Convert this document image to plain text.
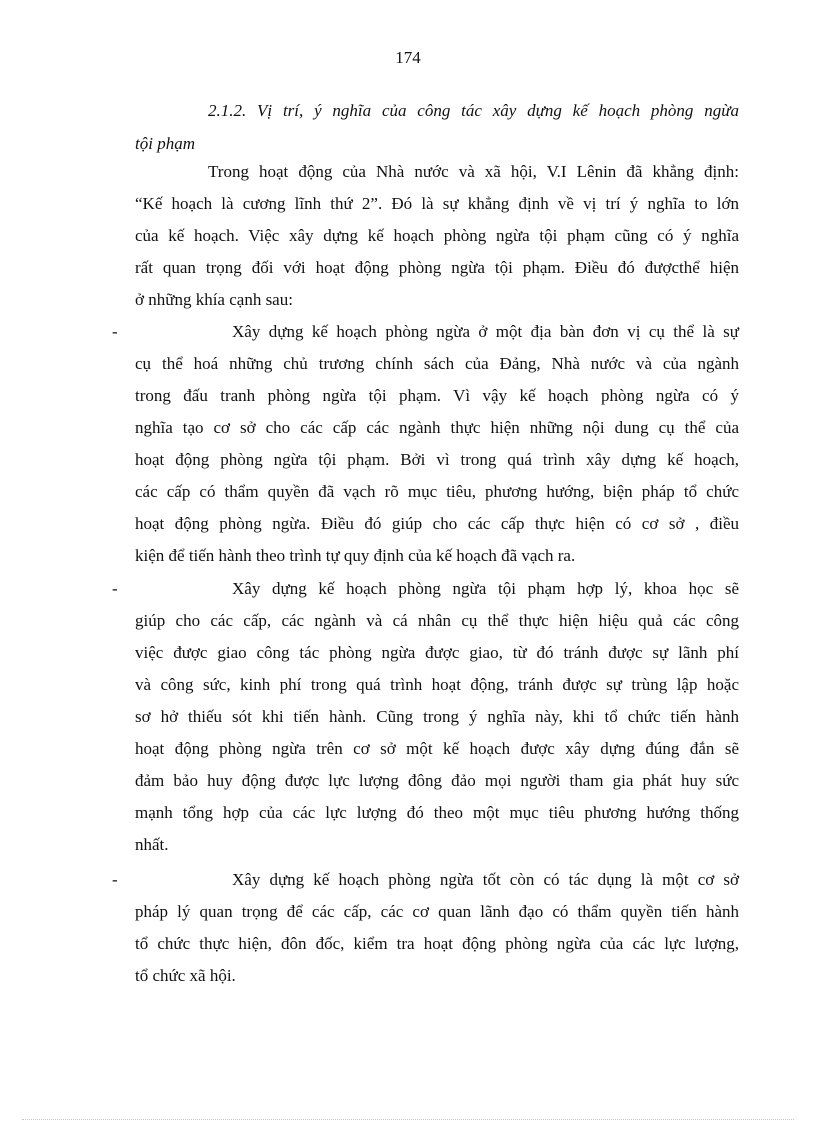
174
2.1.2. Vị trí, ý nghĩa của công tác xây dựng kế hoạch phòng ngừa
tội phạm
Trong hoạt động của Nhà nước và xã hội, V.I Lênin đã khẳng định:
“Kế hoạch là cương lĩnh thứ 2”. Đó là sự khẳng định về vị trí ý nghĩa to lớn
của kế hoạch. Việc xây dựng kế hoạch phòng ngừa tội phạm cũng có ý nghĩa
rất quan trọng đối với hoạt động phòng ngừa tội phạm. Điều đó đượcthể hiện
ở những khía cạnh sau:
-	Xây dựng kế hoạch phòng ngừa ở một địa bàn đơn vị cụ thể là sự
cụ thể hoá những chủ trương chính sách của Đảng, Nhà nước và của ngành
trong đấu tranh phòng ngừa tội phạm. Vì vậy kế hoạch phòng ngừa có ý
nghĩa tạo cơ sở cho các cấp các ngành thực hiện những nội dung cụ thể của
hoạt động phòng ngừa tội phạm. Bởi vì trong quá trình xây dựng kế hoạch,
các cấp có thẩm quyền đã vạch rõ mục tiêu, phương hướng, biện pháp tổ chức
hoạt động phòng ngừa. Điều đó giúp cho các cấp thực hiện có cơ sở , điều
kiện để tiến hành theo trình tự quy định của kế hoạch đã vạch ra.
-	Xây dựng kế hoạch phòng ngừa tội phạm hợp lý, khoa học sẽ
giúp cho các cấp, các ngành và cá nhân cụ thể thực hiện hiệu quả các công
việc được giao công tác phòng ngừa được giao, từ đó tránh được sự lãnh phí
và công sức, kinh phí trong quá trình hoạt động, tránh được sự trùng lập hoặc
sơ hở thiếu sót khi tiến hành. Cũng trong ý nghĩa này, khi tổ chức tiến hành
hoạt động phòng ngừa trên cơ sở một kế hoạch được xây dựng đúng đắn sẽ
đảm bảo huy động được lực lượng đông đảo mọi người tham gia phát huy sức
mạnh tổng hợp của các lực lượng đó theo một mục tiêu phương hướng thống
nhất.
-	Xây dựng kế hoạch phòng ngừa tốt còn có tác dụng là một cơ sở
pháp lý quan trọng để các cấp, các cơ quan lãnh đạo có thẩm quyền tiến hành
tổ chức thực hiện, đôn đốc, kiểm tra hoạt động phòng ngừa của các lực lượng,
tổ chức xã hội.
